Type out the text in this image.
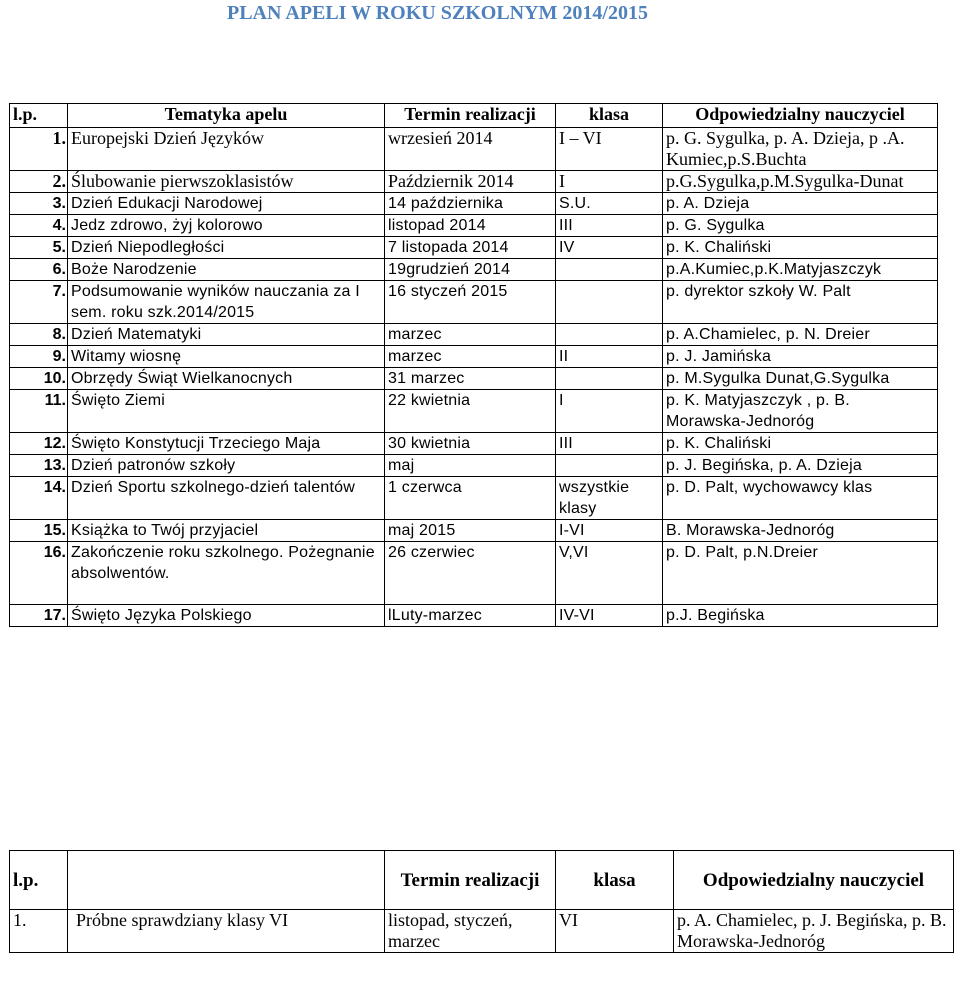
PLAN APELI W ROKU SZKOLNYM 2014/2015
l.p.	Tematyka apelu	Termin realizacji	klasa	Odpowiedzialny nauczyciel
1.	Europejski Dzień Języków	wrzesień 2014	I – VI	p. G. Sygulka, p. A. Dzieja, p .A. Kumiec,p.S.Buchta
2.	Ślubowanie pierwszoklasistów	Październik 2014	I	p.G.Sygulka,p.M.Sygulka-Dunat
3.	Dzień Edukacji Narodowej	14 października	S.U.	p. A. Dzieja
4.	Jedz zdrowo, żyj kolorowo	listopad 2014	III	p. G. Sygulka
5.	Dzień Niepodległości	7 listopada 2014	IV	p. K. Chaliński
6.	Boże Narodzenie	19grudzień 2014		p.A.Kumiec,p.K.Matyjaszczyk
7.	Podsumowanie wyników nauczania za I sem. roku szk.2014/2015	16 styczeń 2015		p. dyrektor szkoły W. Palt
8.	Dzień Matematyki	marzec		p. A.Chamielec, p. N. Dreier
9.	Witamy wiosnę	marzec	II	p. J. Jamińska
10.	Obrzędy Świąt Wielkanocnych	31 marzec		p. M.Sygulka Dunat,G.Sygulka
11.	Święto Ziemi	22 kwietnia	I	p. K. Matyjaszczyk , p. B. Morawska-Jednoróg
12.	Święto Konstytucji Trzeciego Maja	30 kwietnia	III	p. K. Chaliński
13.	Dzień patronów szkoły	maj		p. J. Begińska, p. A. Dzieja
14.	Dzień Sportu szkolnego-dzień talentów	1 czerwca	wszystkie klasy	p. D. Palt, wychowawcy klas
15.	Książka to Twój przyjaciel	maj 2015	I-VI	B. Morawska-Jednoróg
16.	Zakończenie roku szkolnego. Pożegnanie absolwentów.	26 czerwiec	V,VI	p. D. Palt, p.N.Dreier
17.	Święto Języka Polskiego	lLuty-marzec	IV-VI	p.J. Begińska
l.p.		Termin realizacji	klasa	Odpowiedzialny nauczyciel
1.	Próbne sprawdziany klasy VI	listopad, styczeń, marzec	VI	p. A. Chamielec, p. J. Begińska, p. B. Morawska-Jednoróg
